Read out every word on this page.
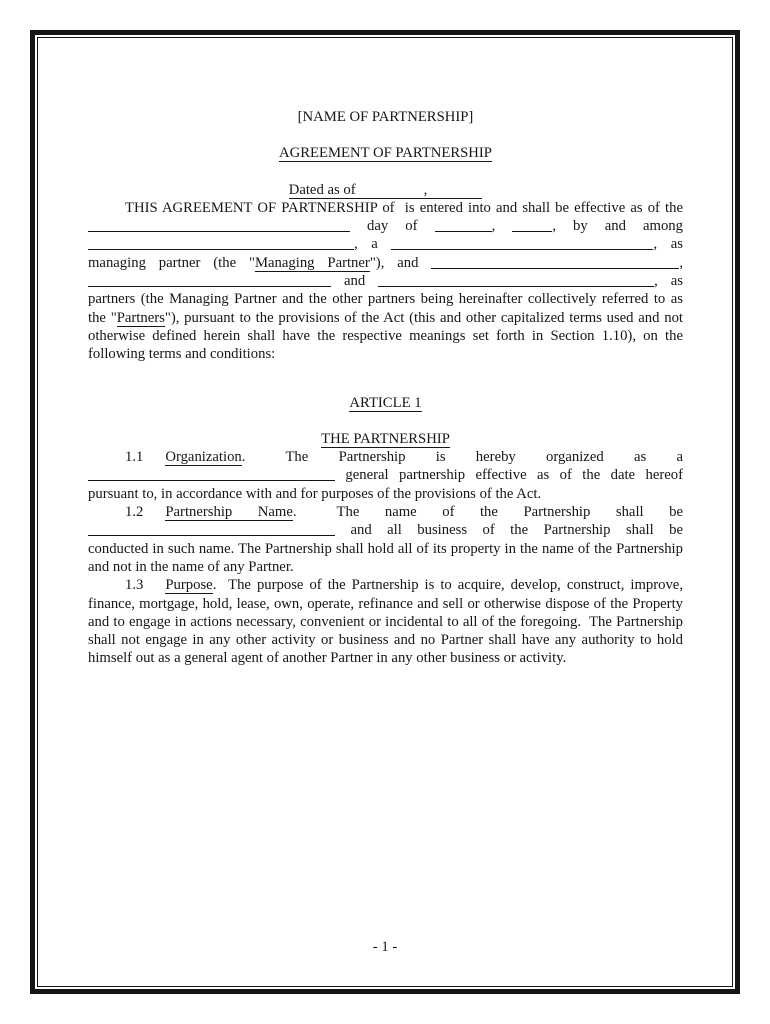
[NAME OF PARTNERSHIP]
AGREEMENT OF PARTNERSHIP
Dated as of	,
THIS AGREEMENT OF PARTNERSHIP of  is entered into and shall be effective as of the
day of	,	, by and among
, a	, as
managing partner (the "Managing Partner"), and	,
and	, as
partners (the Managing Partner and the other partners being hereinafter collectively referred to as
the "Partners"), pursuant to the provisions of the Act (this and other capitalized terms used and not
otherwise defined herein shall have the respective meanings set forth in Section 1.10), on the
following terms and conditions:
ARTICLE 1
THE PARTNERSHIP
1.1 Organization.	The Partnership is hereby organized as a
general partnership effective as of the date hereof
pursuant to, in accordance with and for purposes of the provisions of the Act.
1.2 Partnership Name.	The name of the Partnership shall be
and all business of the Partnership shall be
conducted in such name. The Partnership shall hold all of its property in the name of the Partnership
and not in the name of any Partner.
1.3 Purpose.  The purpose of the Partnership is to acquire, develop, construct, improve,
finance, mortgage, hold, lease, own, operate, refinance and sell or otherwise dispose of the Property
and to engage in actions necessary, convenient or incidental to all of the foregoing.  The Partnership
shall not engage in any other activity or business and no Partner shall have any authority to hold
himself out as a general agent of another Partner in any other business or activity.
- 1 -
